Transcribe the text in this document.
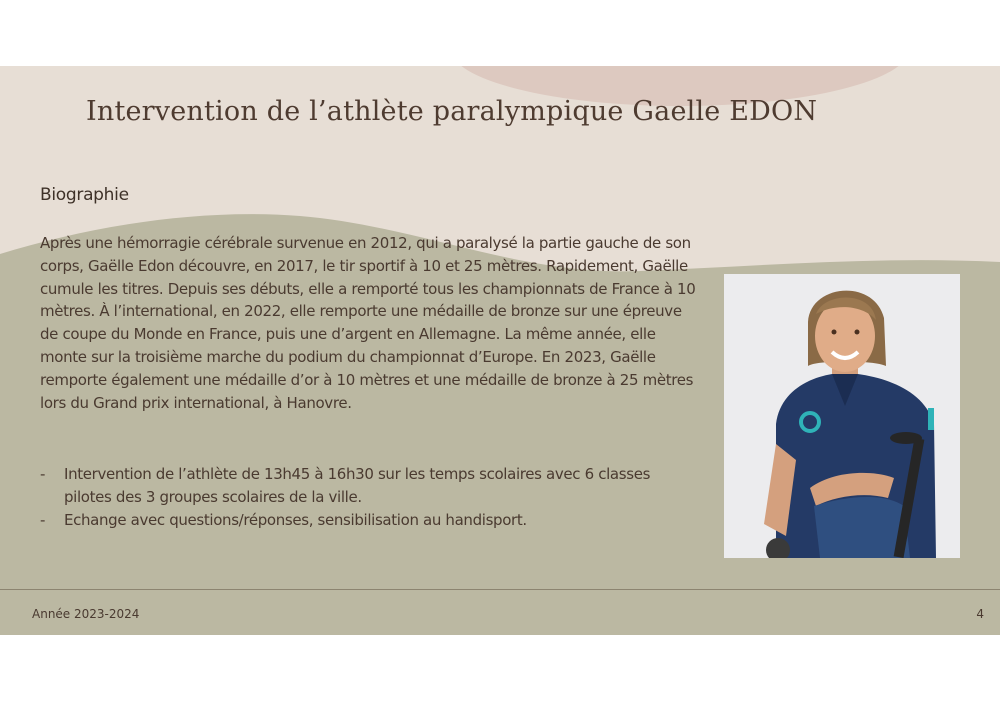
Intervention de l’athlète paralympique Gaelle EDON
Biographie
Après une hémorragie cérébrale survenue en 2012, qui a paralysé la partie gauche de son corps, Gaëlle Edon découvre, en 2017, le tir sportif à 10 et 25 mètres. Rapidement, Gaëlle cumule les titres. Depuis ses débuts, elle a remporté tous les championnats de France à 10 mètres. À l’international, en 2022, elle remporte une médaille de bronze sur une épreuve de coupe du Monde en France, puis une d’argent en Allemagne. La même année, elle monte sur la troisième marche du podium du championnat d’Europe. En 2023, Gaëlle remporte également une médaille d’or à 10 mètres et une médaille de bronze à 25 mètres lors du Grand prix international, à Hanovre.
- Intervention de l’athlète de 13h45 à 16h30 sur les temps scolaires avec 6 classes pilotes des 3 groupes scolaires de la ville.
- Echange avec questions/réponses, sensibilisation au handisport.
Année 2023-2024	4
